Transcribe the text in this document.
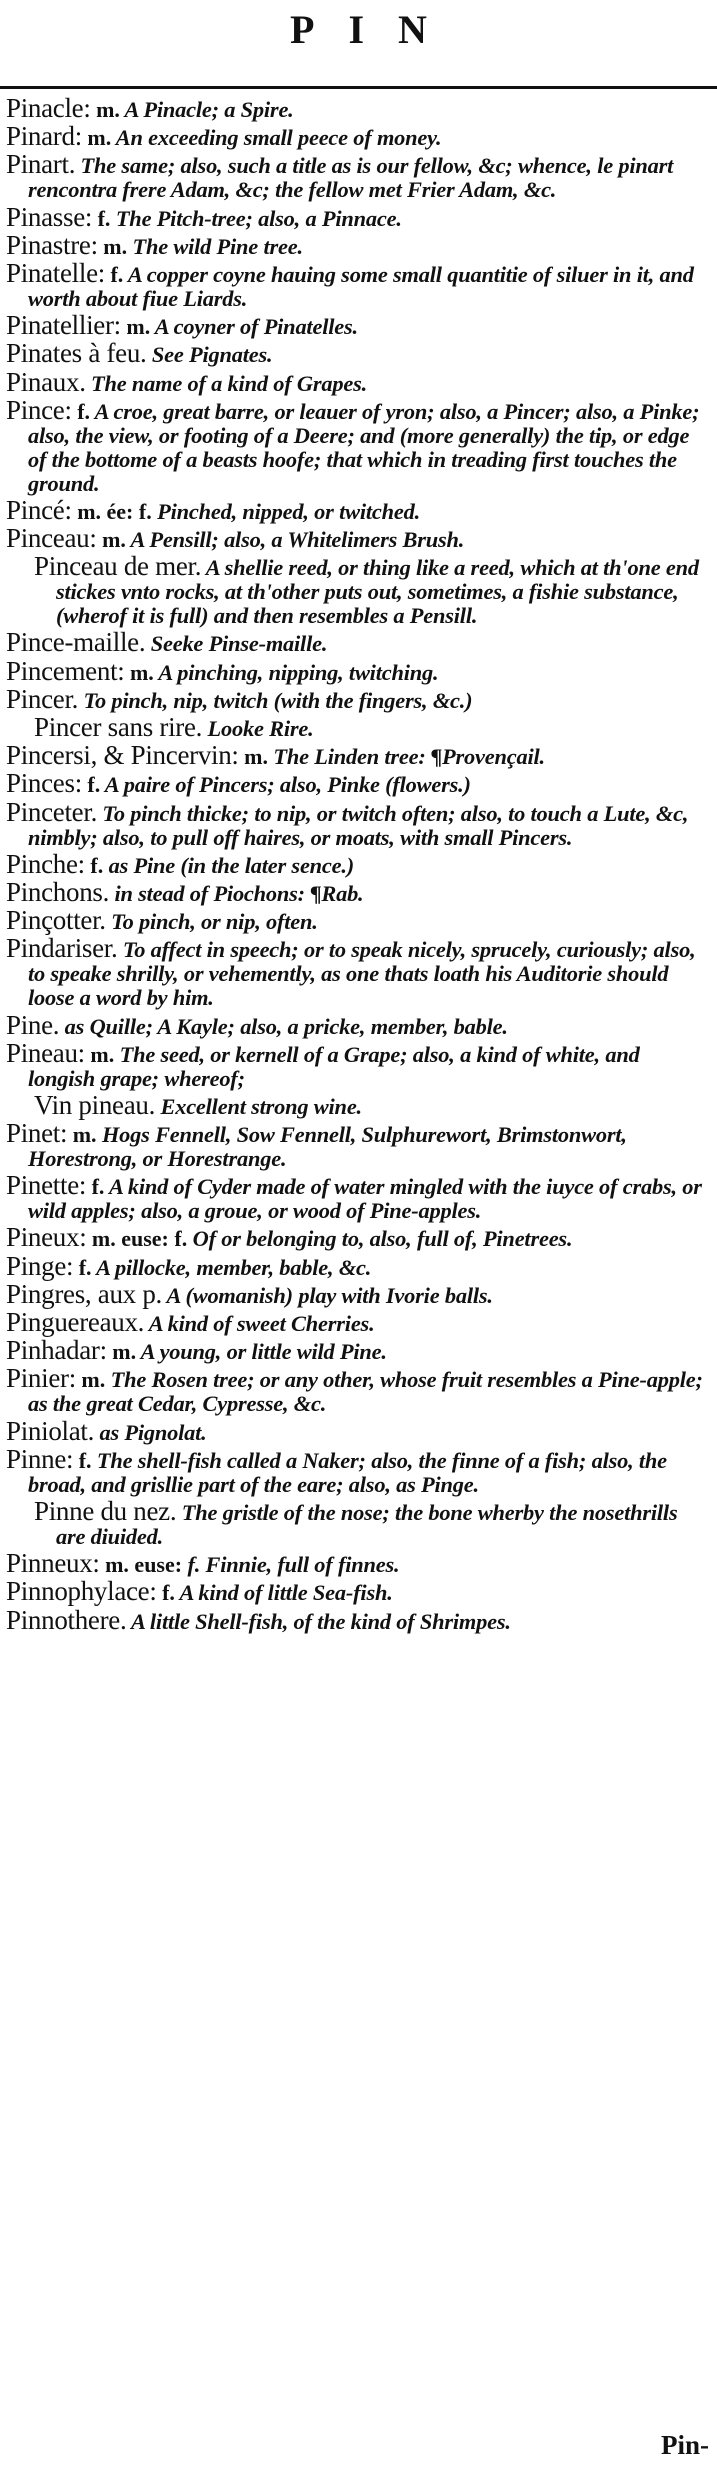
PIN
Pinacle: m. A Pinacle; a Spire.
Pinard: m. An exceeding small peece of money.
Pinart. The same; also, such a title as is our fellow, &c; whence, le pinart rencontra frere Adam, &c; the fellow met Frier Adam, &c.
Pinasse: f. The Pitch-tree; also, a Pinnace.
Pinastre: m. The wild Pine tree.
Pinatelle: f. A copper coyne hauing some small quantitie of siluer in it, and worth about fiue Liards.
Pinatellier: m. A coyner of Pinatelles.
Pinates à feu. See Pignates.
Pinaux. The name of a kind of Grapes.
Pince: f. A croe, great barre, or leauer of yron; also, a Pincer; also, a Pinke; also, the view, or footing of a Deere; and (more generally) the tip, or edge of the bottome of a beasts hoofe; that which in treading first touches the ground.
Pincé: m. ée: f. Pinched, nipped, or twitched.
Pinceau: m. A Pensill; also, a Whitelimers Brush.
Pinceau de mer. A shellie reed, or thing like a reed, which at th'one end stickes vnto rocks, at th'other puts out, sometimes, a fishie substance, (wherof it is full) and then resembles a Pensill.
Pince-maille. Seeke Pinse-maille.
Pincement: m. A pinching, nipping, twitching.
Pincer. To pinch, nip, twitch (with the fingers, &c.)
Pincer sans rire. Looke Rire.
Pincersi, & Pincervin: m. The Linden tree: ¶Provençail.
Pinces: f. A paire of Pincers; also, Pinke (flowers.)
Pinceter. To pinch thicke; to nip, or twitch often; also, to touch a Lute, &c, nimbly; also, to pull off haires, or moats, with small Pincers.
Pinche: f. as Pine (in the later sence.)
Pinchons. in stead of Piochons: ¶Rab.
Pinçotter. To pinch, or nip, often.
Pindariser. To affect in speech; or to speak nicely, sprucely, curiously; also, to speake shrilly, or vehemently, as one thats loath his Auditorie should loose a word by him.
Pine. as Quille; A Kayle; also, a pricke, member, bable.
Pineau: m. The seed, or kernell of a Grape; also, a kind of white, and longish grape; whereof;
Vin pineau. Excellent strong wine.
Pinet: m. Hogs Fennell, Sow Fennell, Sulphurewort, Brimstonwort, Horestrong, or Horestrange.
Pinette: f. A kind of Cyder made of water mingled with the iuyce of crabs, or wild apples; also, a groue, or wood of Pine-apples.
Pineux: m. euse: f. Of or belonging to, also, full of, Pinetrees.
Pinge: f. A pillocke, member, bable, &c.
Pingres, aux p. A (womanish) play with Ivorie balls.
Pinguereaux. A kind of sweet Cherries.
Pinhadar: m. A young, or little wild Pine.
Pinier: m. The Rosen tree; or any other, whose fruit resembles a Pine-apple; as the great Cedar, Cypresse, &c.
Piniolat. as Pignolat.
Pinne: f. The shell-fish called a Naker; also, the finne of a fish; also, the broad, and grisllie part of the eare; also, as Pinge.
Pinne du nez. The gristle of the nose; the bone wherby the nosethrills are diuided.
Pinneux: m. euse: f. Finnie, full of finnes.
Pinnophylace: f. A kind of little Sea-fish.
Pinnothere. A little Shell-fish, of the kind of Shrimpes.
Pin-
